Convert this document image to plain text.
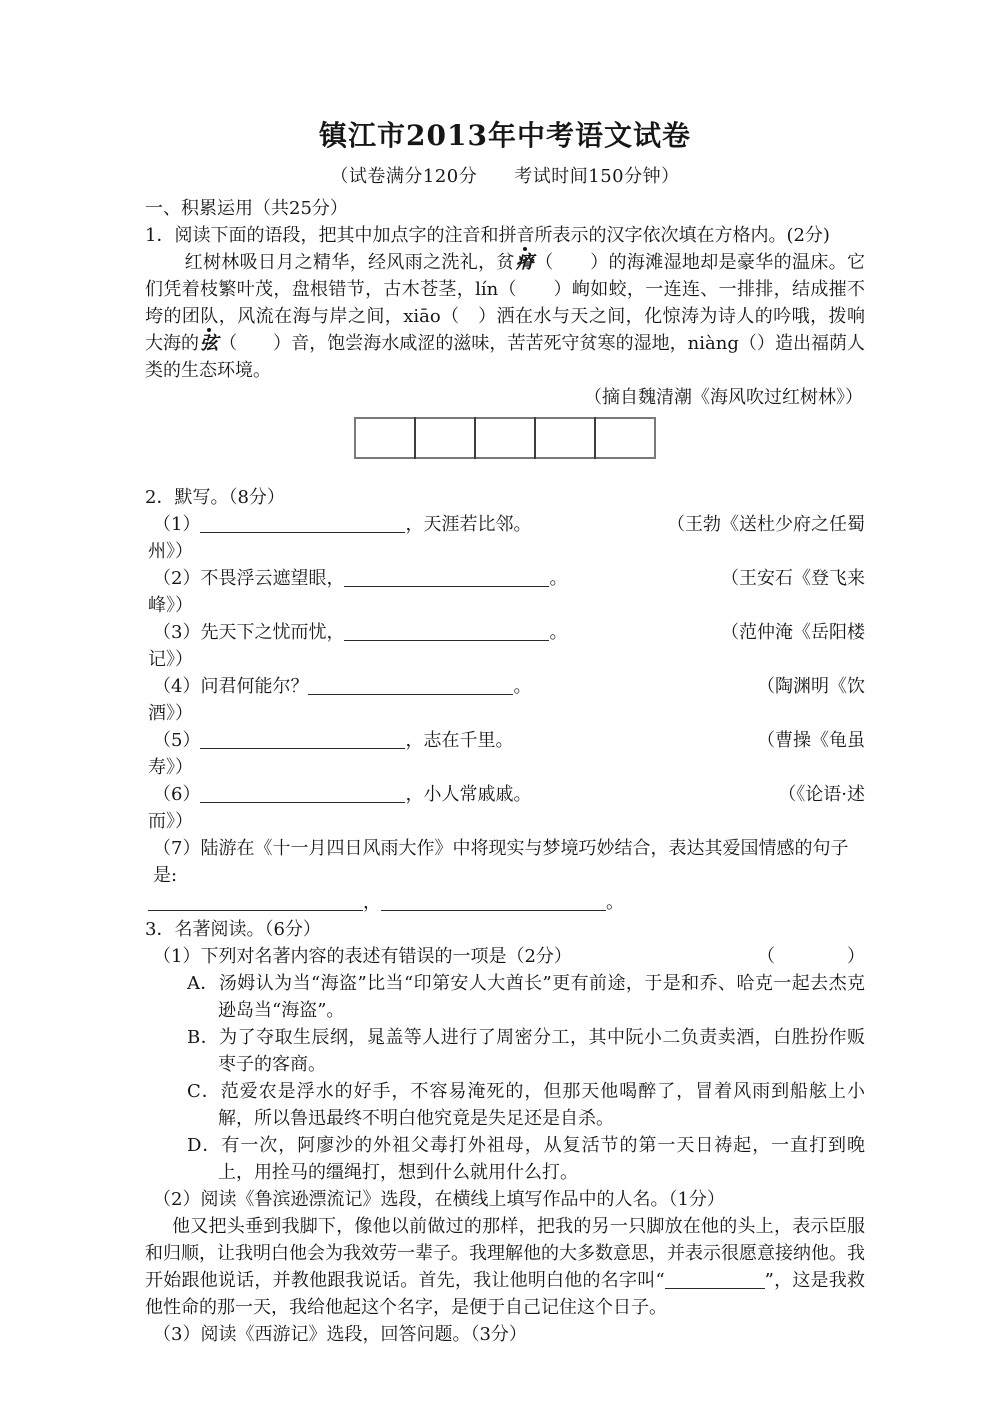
镇江市2013年中考语文试卷
（试卷满分120分　　考试时间150分钟）
一、积累运用（共25分）
1．阅读下面的语段，把其中加点字的注音和拼音所表示的汉字依次填在方格内。(2分)
红树林吸日月之精华，经风雨之洗礼，贫瘠（　　）的海滩湿地却是豪华的温床。它们凭着枝繁叶茂，盘根错节，古木苍茎，lín（　　）峋如蛟，一连连、一排排，结成摧不垮的团队，风流在海与岸之间，xiāo（　）洒在水与天之间，化惊涛为诗人的吟哦，拨响大海的弦（　　）音，饱尝海水咸涩的滋味，苦苦死守贫寒的湿地，niàng（）造出福荫人类的生态环境。
（摘自魏清潮《海风吹过红树林》）

2．默写。（8分）
（1）	，天涯若比邻。	（王勃《送杜少府之任蜀
州》）
（2）不畏浮云遮望眼，	。	（王安石《登飞来
峰》）
（3）先天下之忧而忧，	。	（范仲淹《岳阳楼
记》）
（4）问君何能尔？	。	（陶渊明《饮
酒》）
（5）	，志在千里。	（曹操《龟虽
寿》）
（6）	，小人常戚戚。	（《论语·述
而》）
（7）陆游在《十一月四日风雨大作》中将现实与梦境巧妙结合，表达其爱国情感的句子是:
，	。
3．名著阅读。（6分）
（1）下列对名著内容的表述有错误的一项是（2分）	（　　　　）
A．汤姆认为当“海盗”比当“印第安人大酋长”更有前途，于是和乔、哈克一起去杰克逊岛当“海盗”。
B．为了夺取生辰纲，晁盖等人进行了周密分工，其中阮小二负责卖酒，白胜扮作贩枣子的客商。
C．范爱农是浮水的好手，不容易淹死的，但那天他喝醉了，冒着风雨到船舷上小解，所以鲁迅最终不明白他究竟是失足还是自杀。
D．有一次，阿廖沙的外祖父毒打外祖母，从复活节的第一天日祷起，一直打到晚上，用拴马的缰绳打，想到什么就用什么打。
（2）阅读《鲁滨逊漂流记》选段，在横线上填写作品中的人名。（1分）
他又把头垂到我脚下，像他以前做过的那样，把我的另一只脚放在他的头上，表示臣服和归顺，让我明白他会为我效劳一辈子。我理解他的大多数意思，并表示很愿意接纳他。我开始跟他说话，并教他跟我说话。首先，我让他明白他的名字叫“	”，这是我救他性命的那一天，我给他起这个名字，是便于自己记住这个日子。
（3）阅读《西游记》选段，回答问题。（3分）
